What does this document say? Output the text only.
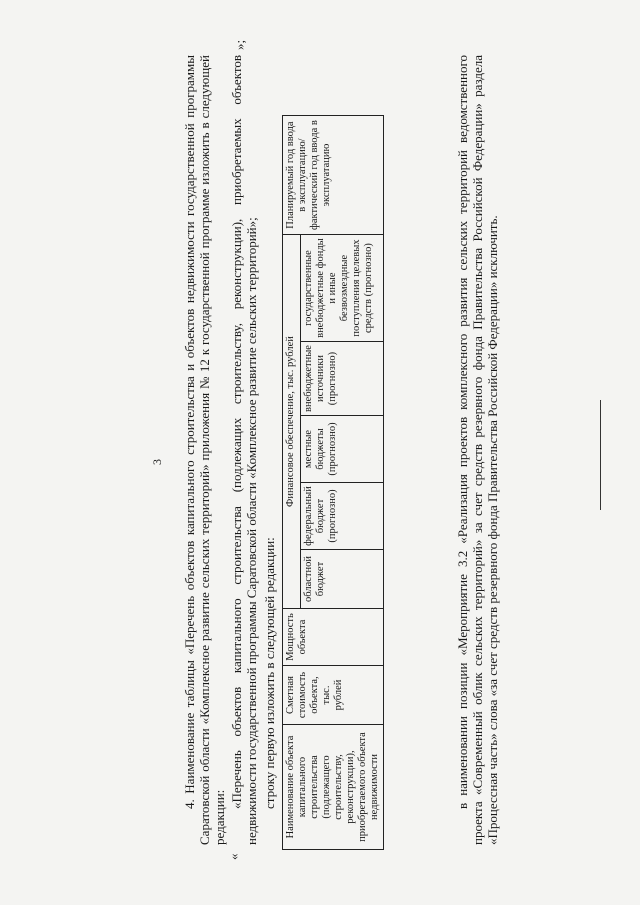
3 4. Наименование таблицы «Перечень объектов капитального строительства и объектов недвижимости государственной программы Саратовской области «Комплексное развитие сельских территорий» приложения № 12 к государственной программе изложить в следующей редакции:
«Перечень объектов капитального строительства (подлежащих строительству, реконструкции), приобретаемых объектов недвижимости государственной программы Саратовской области «Комплексное развитие сельских территорий»; строку первую изложить в следующей редакции:
«
Наименование объекта капитального строительства (подлежащего строительству, реконструкции), приобретаемого объекта недвижимости	Сметная стоимость объекта, тыс. рублей	Мощность объекта	Финансовое обеспечение, тыс. рублей					Планируемый год ввода в эксплуатацию/ фактический год ввода в эксплуатацию
			областной бюджет	федеральный бюджет (прогнозно)	местные бюджеты (прогнозно)	внебюджетные источники (прогнозно)	государственные внебюджетные фонды и иные безвозмездные поступления целевых средств (прогнозно)	
»;
в наименовании позиции «Мероприятие 3.2 «Реализация проектов комплексного развития сельских территорий ведомственного проекта «Современный облик сельских территорий» за счет средств резервного фонда Правительства Российской Федерации» раздела «Процессная часть» слова «за счет средств резервного фонда Правительства Российской Федерации» исключить.
